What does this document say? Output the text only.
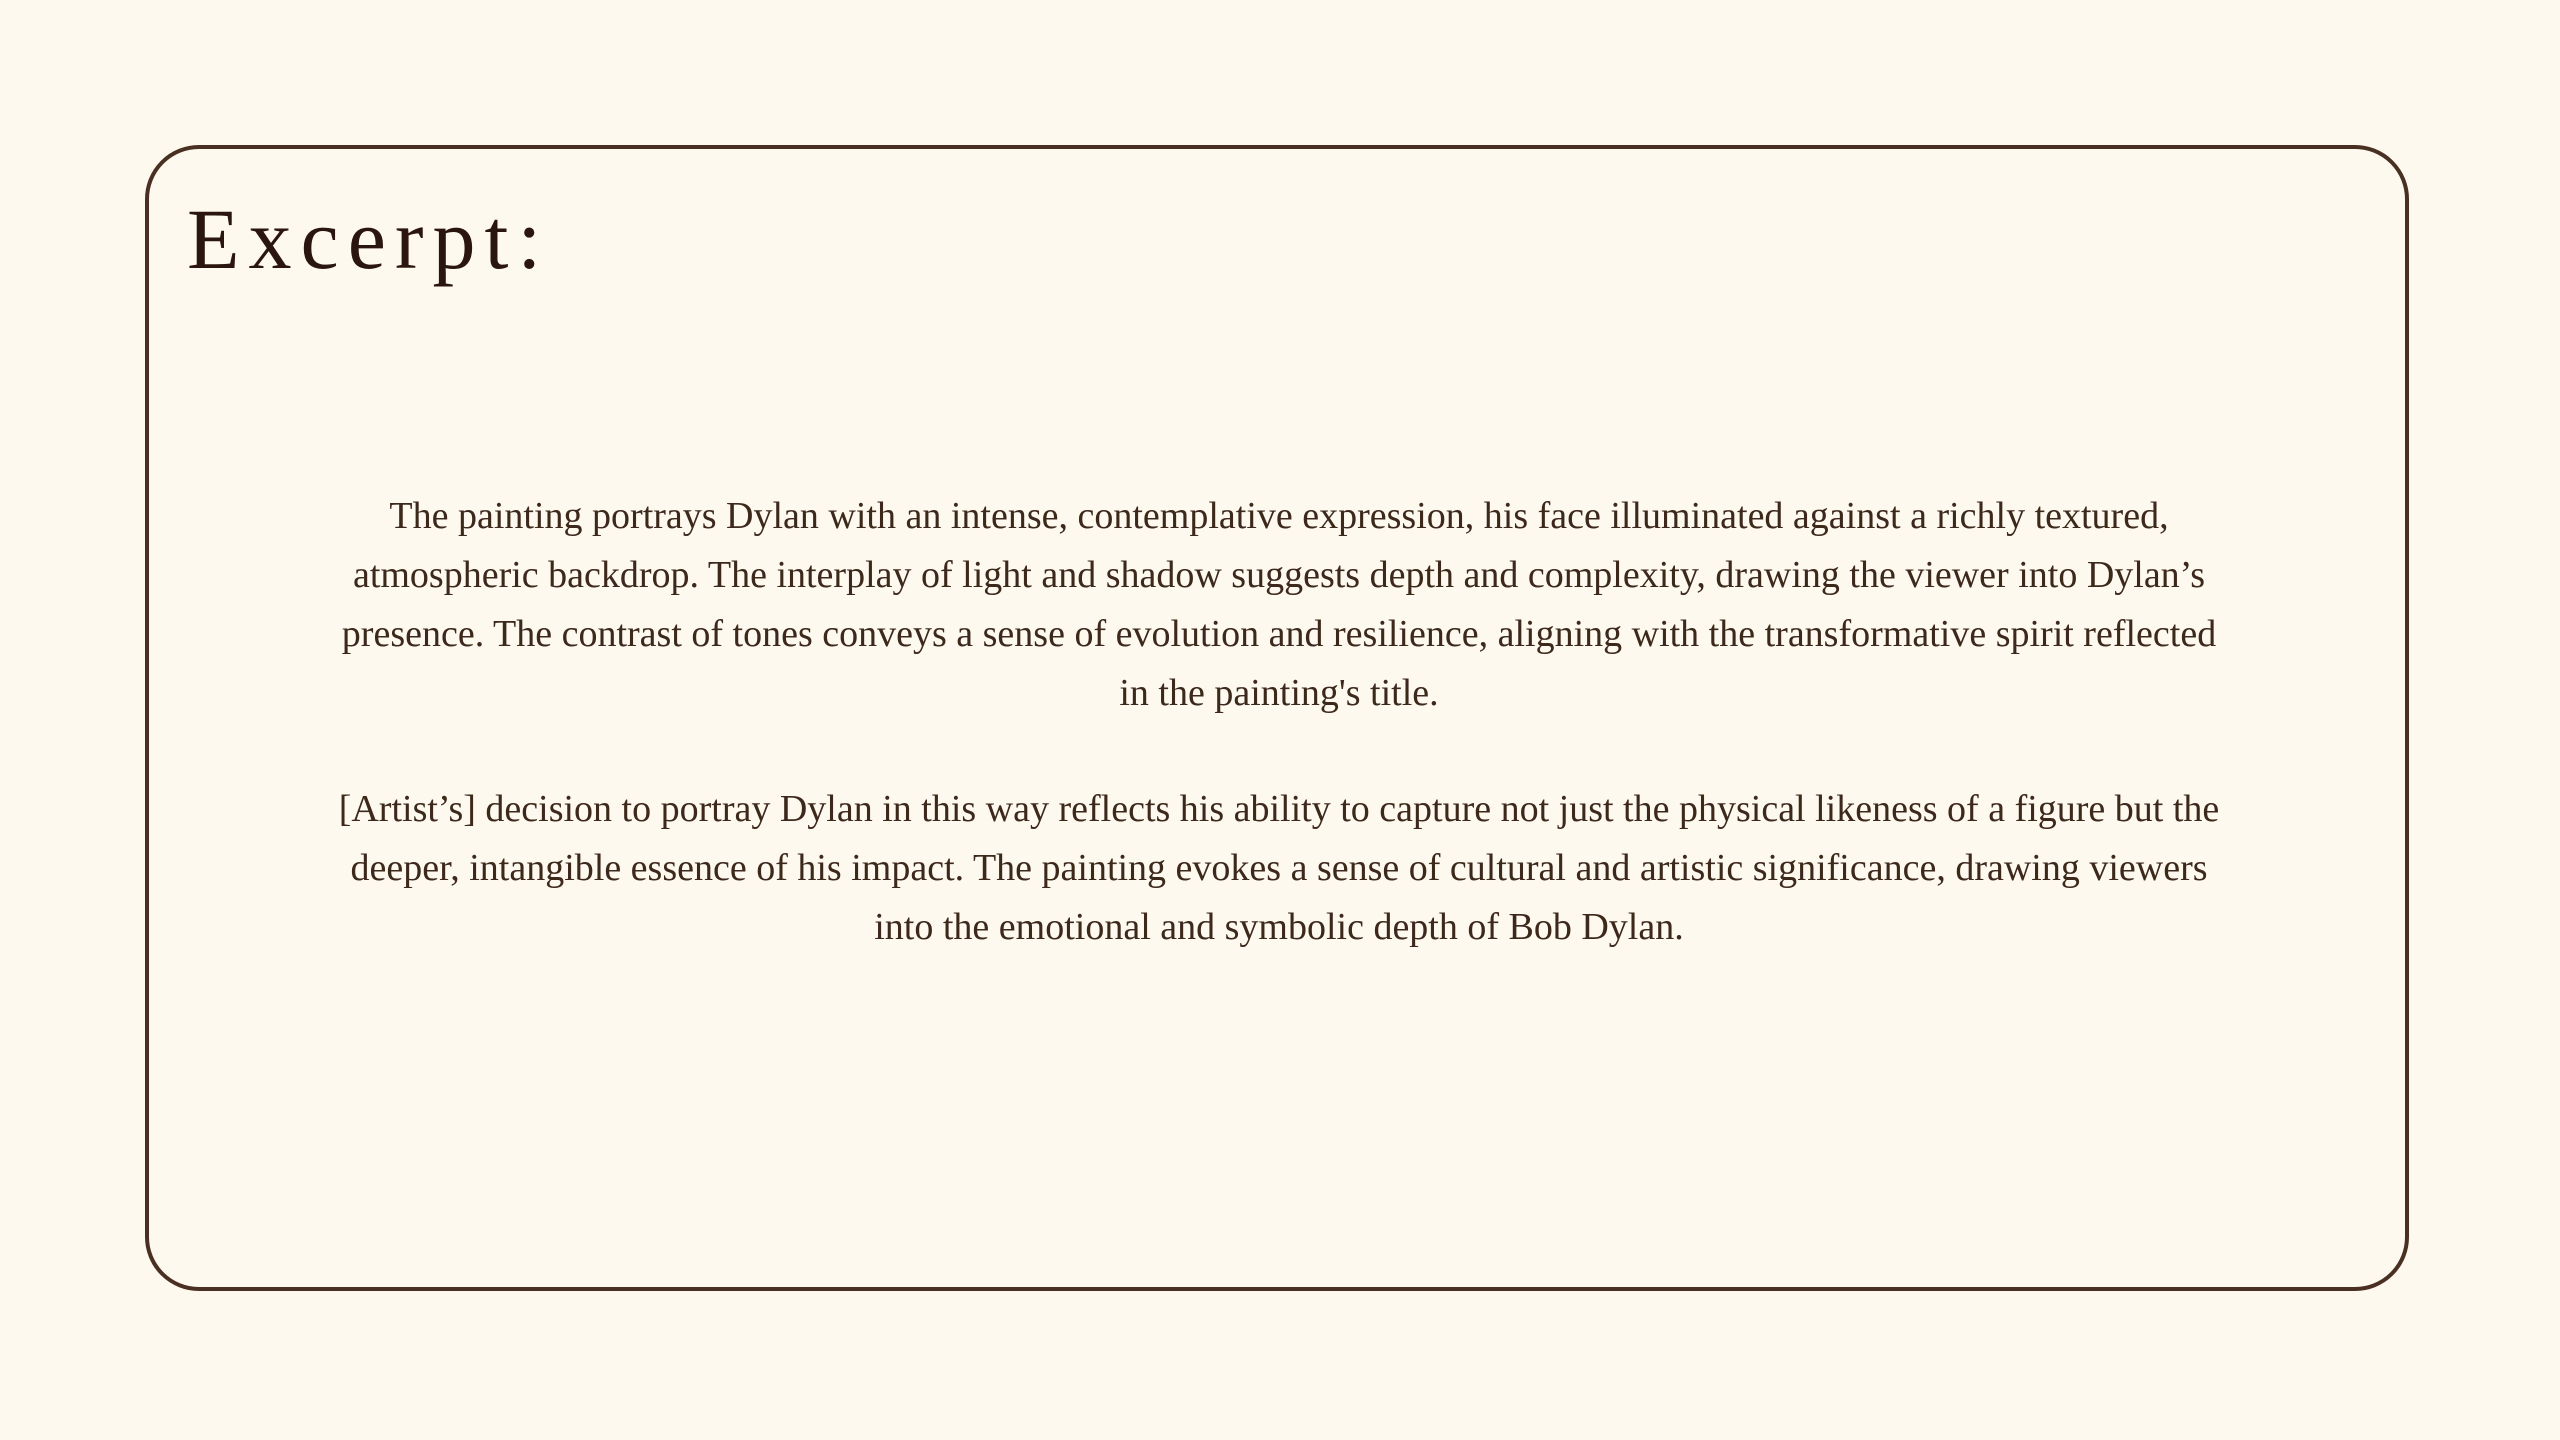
Excerpt:

The painting portrays Dylan with an intense, contemplative expression, his face illuminated against a richly textured, atmospheric backdrop. The interplay of light and shadow suggests depth and complexity, drawing the viewer into Dylan’s presence. The contrast of tones conveys a sense of evolution and resilience, aligning with the transformative spirit reflected in the painting's title.

[Artist’s] decision to portray Dylan in this way reflects his ability to capture not just the physical likeness of a figure but the deeper, intangible essence of his impact. The painting evokes a sense of cultural and artistic significance, drawing viewers into the emotional and symbolic depth of Bob Dylan.
